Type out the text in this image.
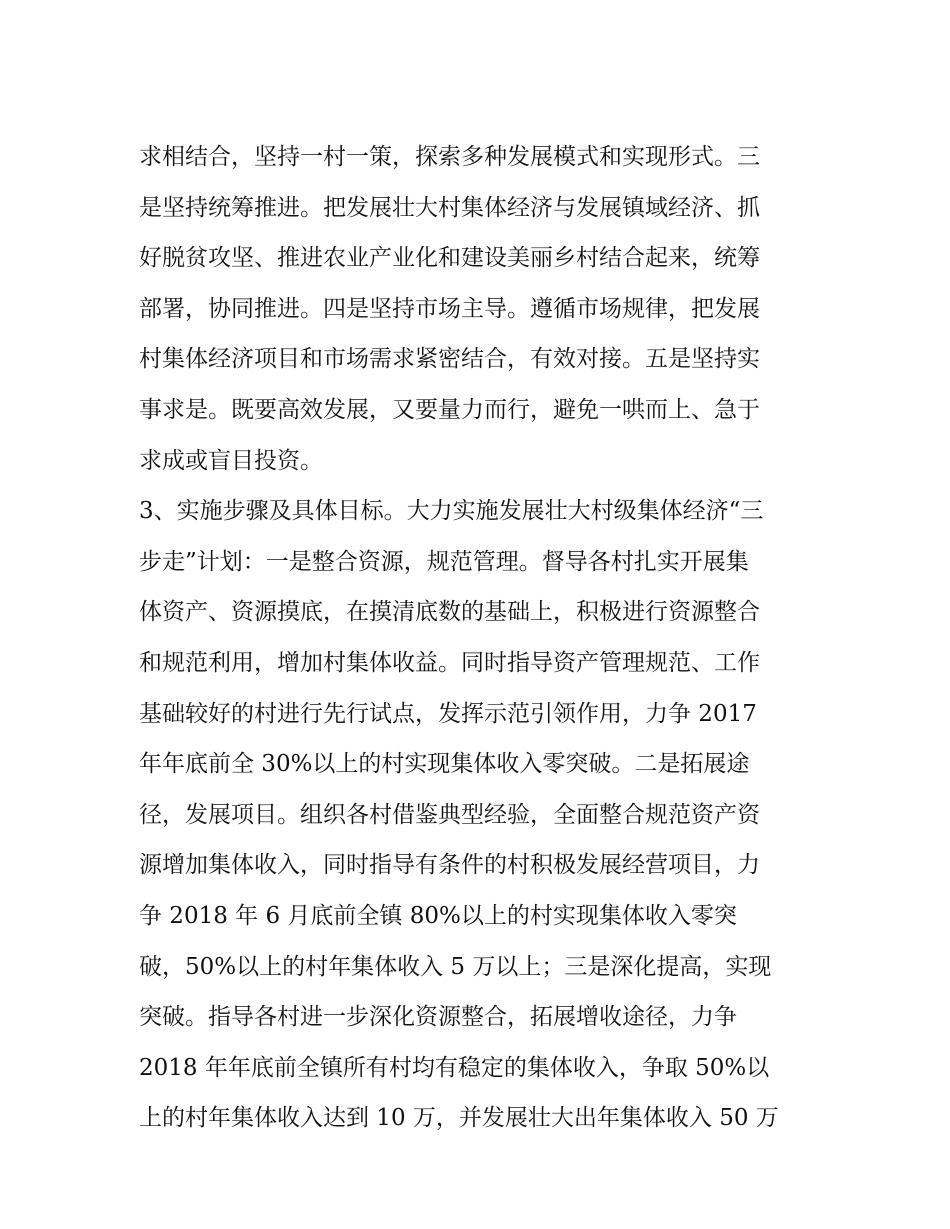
求相结合，坚持一村一策，探索多种发展模式和实现形式。三
是坚持统筹推进。把发展壮大村集体经济与发展镇域经济、抓
好脱贫攻坚、推进农业产业化和建设美丽乡村结合起来，统筹
部署，协同推进。四是坚持市场主导。遵循市场规律，把发展
村集体经济项目和市场需求紧密结合，有效对接。五是坚持实
事求是。既要高效发展，又要量力而行，避免一哄而上、急于
求成或盲目投资。
3、实施步骤及具体目标。大力实施发展壮大村级集体经济“三
步走”计划：一是整合资源，规范管理。督导各村扎实开展集
体资产、资源摸底，在摸清底数的基础上，积极进行资源整合
和规范利用，增加村集体收益。同时指导资产管理规范、工作
基础较好的村进行先行试点，发挥示范引领作用，力争 2017
年年底前全 30%以上的村实现集体收入零突破。二是拓展途
径，发展项目。组织各村借鉴典型经验，全面整合规范资产资
源增加集体收入，同时指导有条件的村积极发展经营项目，力
争 2018 年 6 月底前全镇 80%以上的村实现集体收入零突
破，50%以上的村年集体收入 5 万以上；三是深化提高，实现
突破。指导各村进一步深化资源整合，拓展增收途径，力争
2018 年年底前全镇所有村均有稳定的集体收入，争取 50%以
上的村年集体收入达到 10 万，并发展壮大出年集体收入 50 万
